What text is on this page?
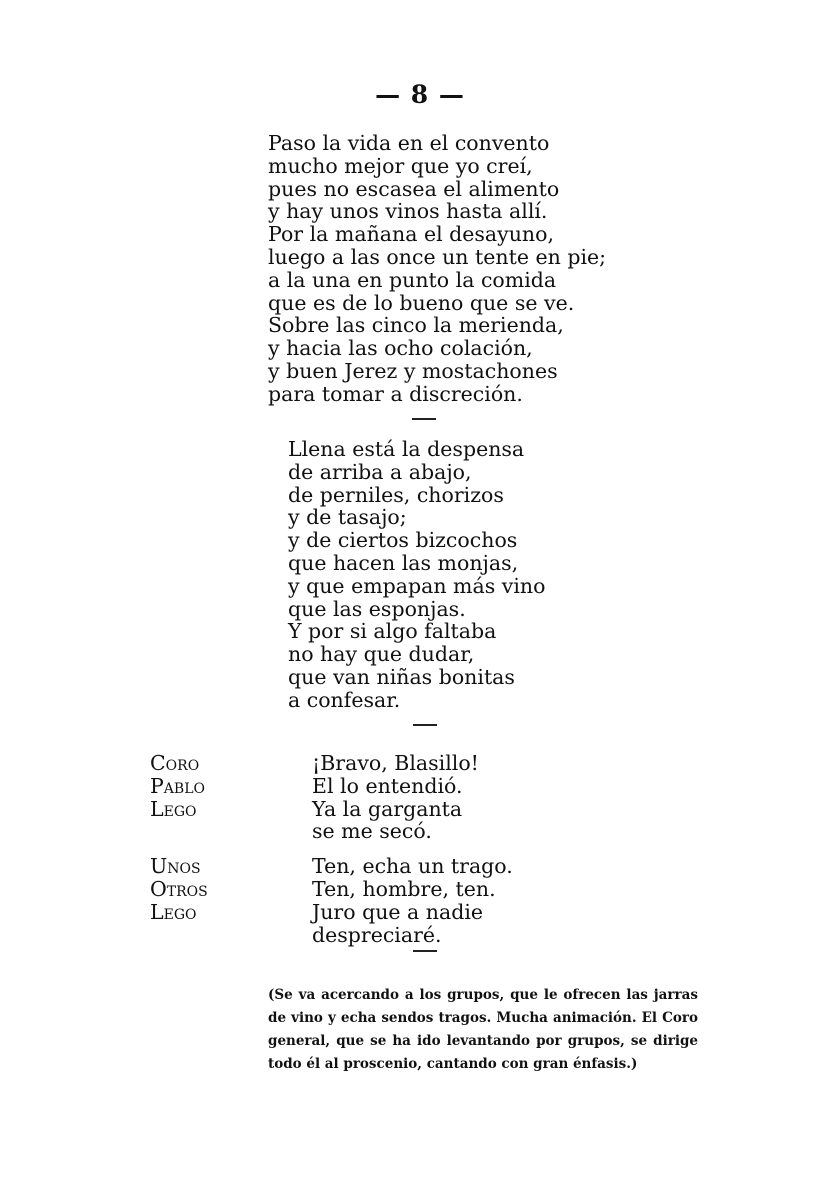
— 8 —
Paso la vida en el convento
mucho mejor que yo creí,
pues no escasea el alimento
y hay unos vinos hasta allí.
Por la mañana el desayuno,
luego a las once un tente en pie;
a la una en punto la comida
que es de lo bueno que se ve.
Sobre las cinco la merienda,
y hacia las ocho colación,
y buen Jerez y mostachones
para tomar a discreción.
Llena está la despensa
de arriba a abajo,
de perniles, chorizos
y de tasajo;
y de ciertos bizcochos
que hacen las monjas,
y que empapan más vino
que las esponjas.
Y por si algo faltaba
no hay que dudar,
que van niñas bonitas
a confesar.
Coro	¡Bravo, Blasillo!
Pablo	El lo entendió.
Lego	Ya la garganta
se me secó.
Unos	Ten, echa un trago.
Otros	Ten, hombre, ten.
Lego	Juro que a nadie
despreciaré.
(Se va acercando a los grupos, que le ofrecen las jarras de vino y echa sendos tragos. Mucha animación. El Coro general, que se ha ido levantando por grupos, se dirige todo él al proscenio, cantando con gran énfasis.)
